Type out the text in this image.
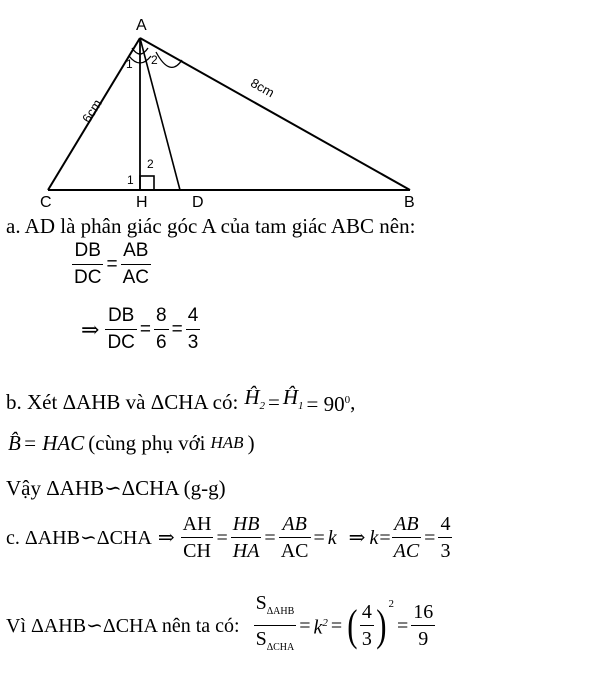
A
B
C	H	D
1 2
1
2
6cm
8cm
a. AD là phân giác góc A của tam giác ABC nên:
$\frac{DB}{DC} = \frac{AB}{AC}$
⇒ $\frac{DB}{DC} = \frac{8}{6} = \frac{4}{3}$
b. Xét ΔAHB và ΔCHA có: $Ĥ_2$ = $Ĥ_1 = 90^0$ ,
B̂ = HAC (cùng phụ với HAB )
Vậy ΔAHB∽ΔCHA (g-g)
c. ΔAHB∽ΔCHA ⇒ $\frac{AH}{CH} = \frac{HB}{HA} = \frac{AB}{AC} = k$ ⇒ $k = \frac{AB}{AC} = \frac{4}{3}$
Vì ΔAHB∽ΔCHA nên ta có: $\frac{S_{\Delta AHB}}{S_{\Delta CHA}} = k^2$ = ( $\frac{4}{3} )^2$
= $\frac{16}{9}$
